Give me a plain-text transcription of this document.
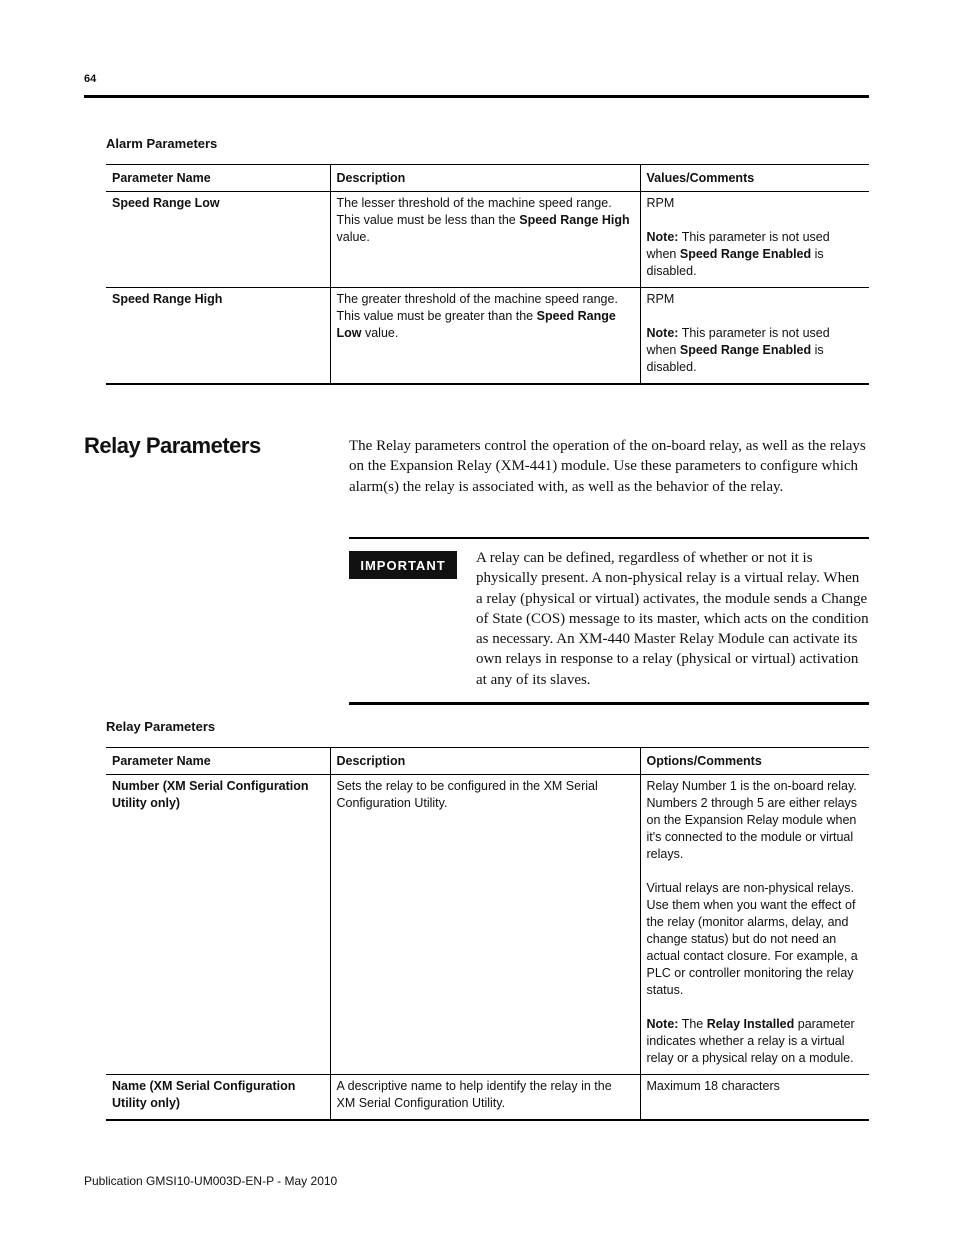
64
Alarm Parameters
Parameter Name	Description	Values/Comments
Speed Range Low	The lesser threshold of the machine speed range. This value must be less than the Speed Range High value.	RPM
Note: This parameter is not used when Speed Range Enabled is disabled.

Speed Range High	The greater threshold of the machine speed range. This value must be greater than the Speed Range Low value.	RPM
Note: This parameter is not used when Speed Range Enabled is disabled.
Relay Parameters	The Relay parameters control the operation of the on-board relay, as well as the relays on the Expansion Relay (XM-441) module. Use these parameters to configure which alarm(s) the relay is associated with, as well as the behavior of the relay.
IMPORTANT	A relay can be defined, regardless of whether or not it is physically present. A non-physical relay is a virtual relay. When a relay (physical or virtual) activates, the module sends a Change of State (COS) message to its master, which acts on the condition as necessary. An XM-440 Master Relay Module can activate its own relays in response to a relay (physical or virtual) activation at any of its slaves.
Relay Parameters
Parameter Name	Description	Options/Comments
Number (XM Serial Configuration Utility only)	Sets the relay to be configured in the XM Serial Configuration Utility.	Relay Number 1 is the on-board relay. Numbers 2 through 5 are either relays on the Expansion Relay module when it's connected to the module or virtual relays.
Virtual relays are non-physical relays. Use them when you want the effect of the relay (monitor alarms, delay, and change status) but do not need an actual contact closure. For example, a PLC or controller monitoring the relay status.
Note: The Relay Installed parameter indicates whether a relay is a virtual relay or a physical relay on a module.

Name (XM Serial Configuration Utility only)	A descriptive name to help identify the relay in the XM Serial Configuration Utility.	Maximum 18 characters
Publication GMSI10-UM003D-EN-P - May 2010
